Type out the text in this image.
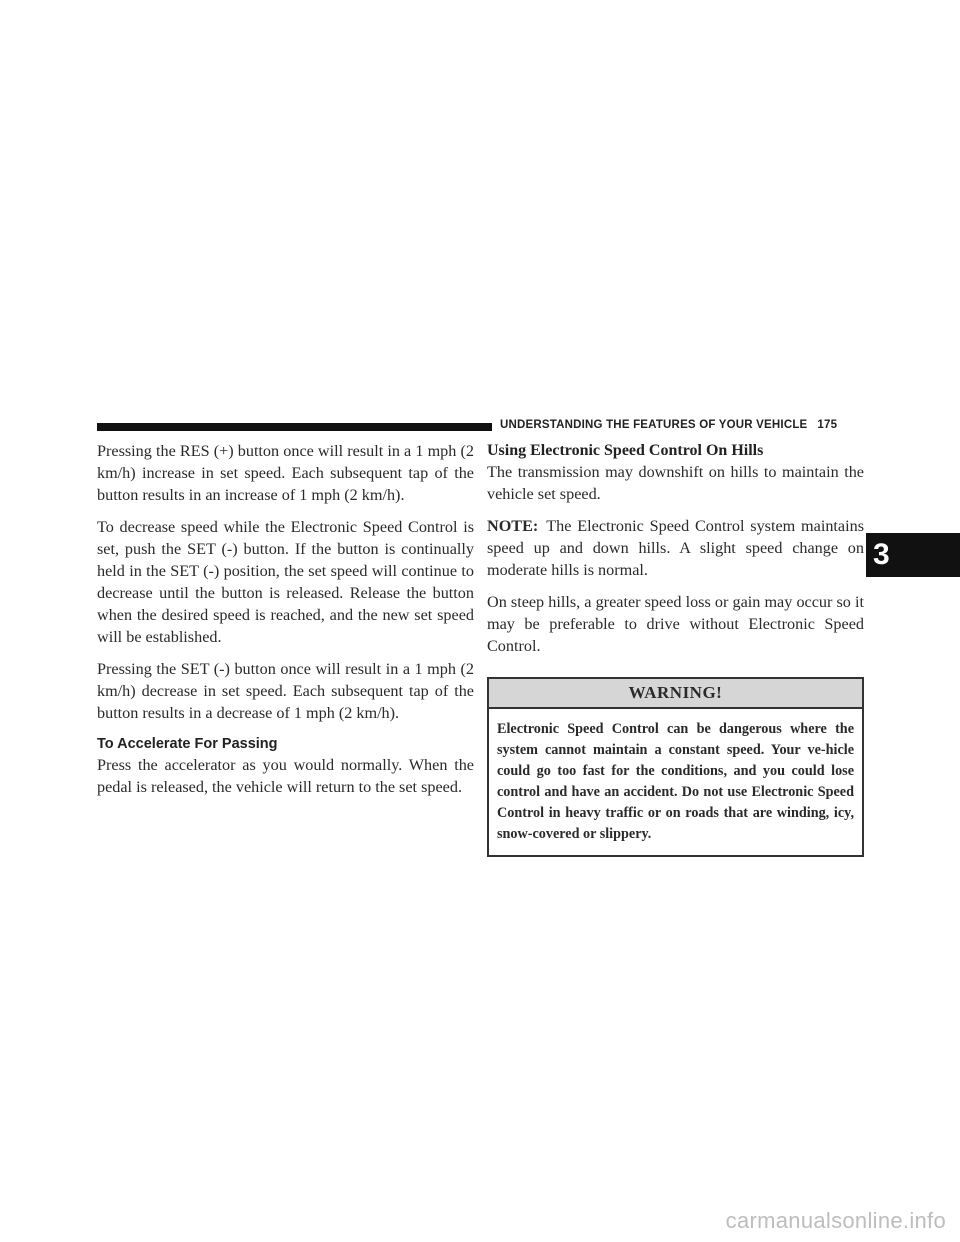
UNDERSTANDING THE FEATURES OF YOUR VEHICLE 175

Pressing the RES (+) button once will result in a 1 mph (2 km/h) increase in set speed. Each subsequent tap of the button results in an increase of 1 mph (2 km/h).

To decrease speed while the Electronic Speed Control is set, push the SET (-) button. If the button is continually held in the SET (-) position, the set speed will continue to decrease until the button is released. Release the button when the desired speed is reached, and the new set speed will be established.

Pressing the SET (-) button once will result in a 1 mph (2 km/h) decrease in set speed. Each subsequent tap of the button results in a decrease of 1 mph (2 km/h).

To Accelerate For Passing

Press the accelerator as you would normally. When the pedal is released, the vehicle will return to the set speed.

Using Electronic Speed Control On Hills

The transmission may downshift on hills to maintain the vehicle set speed.

NOTE: The Electronic Speed Control system maintains speed up and down hills. A slight speed change on moderate hills is normal.

On steep hills, a greater speed loss or gain may occur so it may be preferable to drive without Electronic Speed Control.

WARNING!
Electronic Speed Control can be dangerous where the system cannot maintain a constant speed. Your ve-hicle could go too fast for the conditions, and you could lose control and have an accident. Do not use Electronic Speed Control in heavy traffic or on roads that are winding, icy, snow-covered or slippery.
3
carmanualsonline.info
